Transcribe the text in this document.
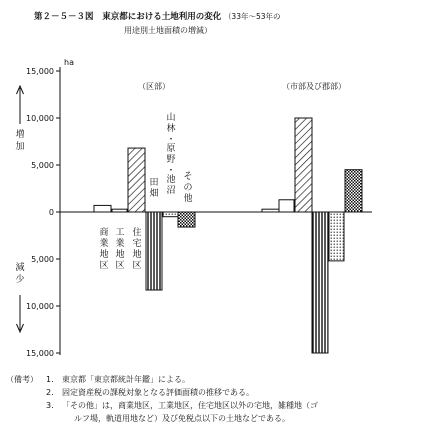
第２－５－３図 東京都における土地利用の変化 （33年～53年の
用途別土地面積の増減）
15,000
10,000
5,000
0
5,000
10,000
15,000
ha
増
加
減
少
（区部）	（市部及び郡部）
商
業
地
区
工
業
地
区
住
宅
地
区
田
畑
山
林
・
原
野
・
池
沼
そ
の
他
（備考） 1. 東京都「東京都統計年鑑」による。
2. 固定資産税の課税対象となる評価面積の推移である。
3. 「その他」は，商業地区，工業地区，住宅地区以外の宅地，雑種地（ゴ
ルフ場，軌道用地など）及び免税点以下の土地などである。
